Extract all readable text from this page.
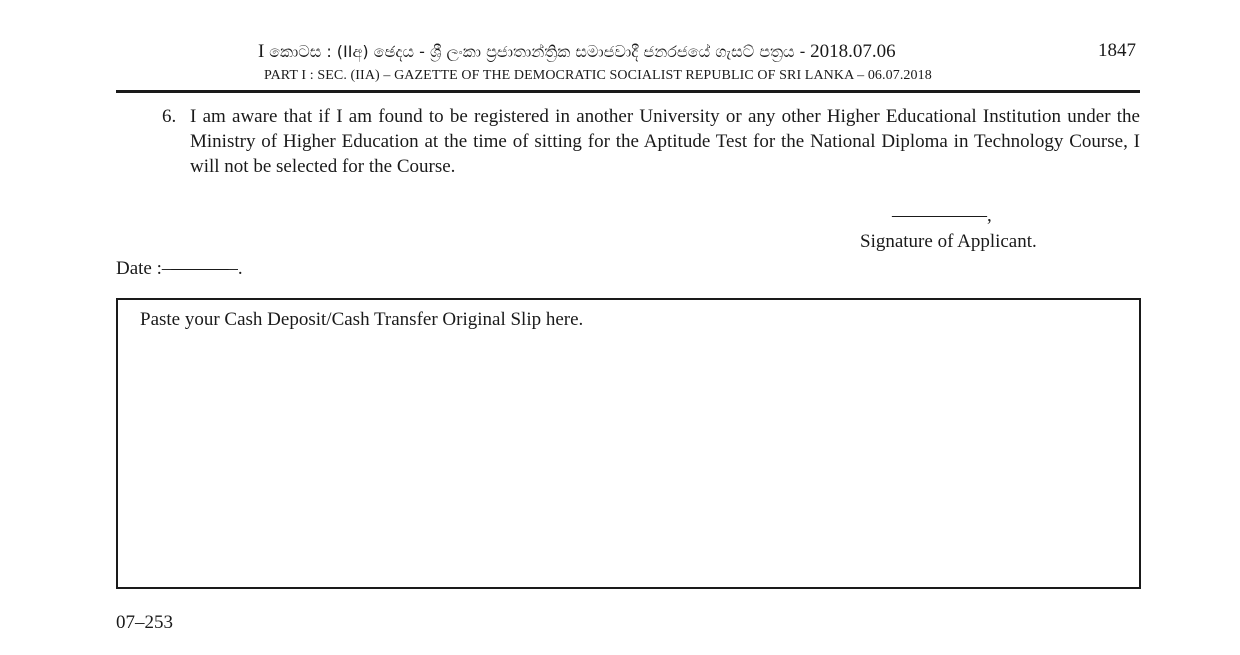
I කොටස : (IIඅ) ඡෙදය - ශ්‍රී ලංකා ප්‍රජාතාන්ත්‍රික සමාජවාදී ජනරජයේ ගැසට් පත්‍රය - 2018.07.06	1847
PART I : SEC. (IIA) – GAZETTE OF THE DEMOCRATIC SOCIALIST REPUBLIC OF SRI LANKA – 06.07.2018
6. I am aware that if I am found to be registered in another University or any other Higher Educational Institution under the Ministry of Higher Education at the time of sitting for the Aptitude Test for the National Diploma in Technology Course, I will not be selected for the Course.
—————,
Signature of Applicant.
Date :–———–.
Paste your Cash Deposit/Cash Transfer Original Slip here.
07–253
